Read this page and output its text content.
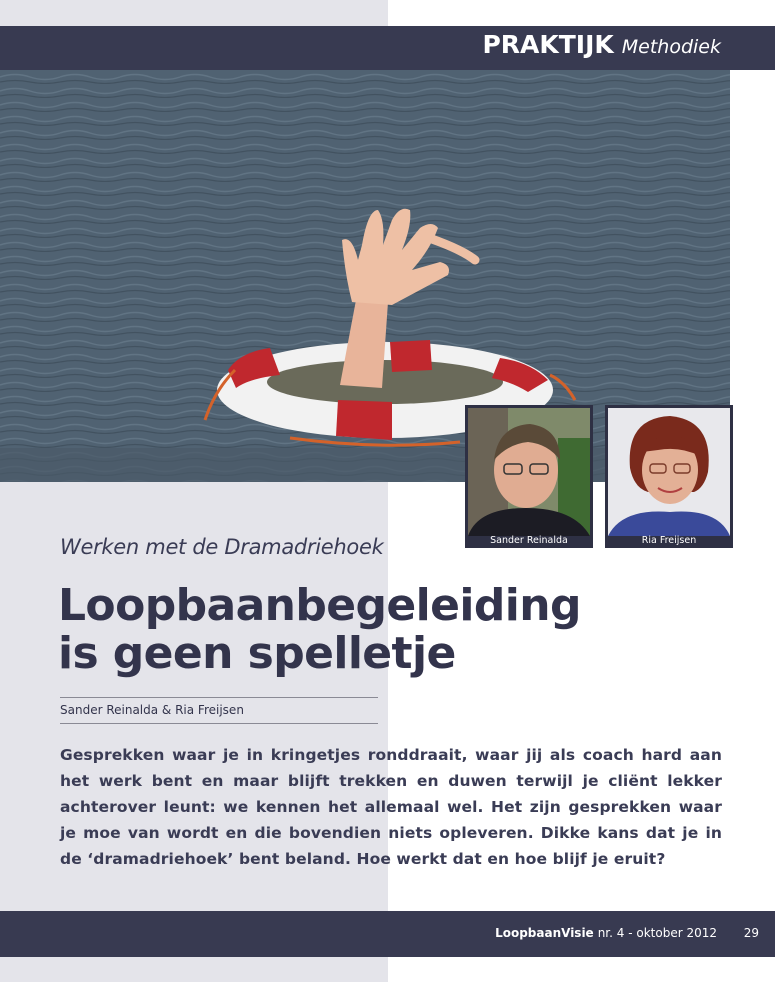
PRAKTIJK Methodiek
Sander Reinalda	Ria Freijsen
Werken met de Dramadriehoek
Loopbaanbegeleiding
is geen spelletje
Sander Reinalda & Ria Freijsen
Gesprekken waar je in kringetjes ronddraait, waar jij als coach hard aan het werk bent en maar blijft trekken en duwen terwijl je cliënt lekker achterover leunt: we kennen het allemaal wel. Het zijn gesprekken waar je moe van wordt en die bovendien niets opleveren. Dikke kans dat je in de ‘dramadriehoek’ bent beland. Hoe werkt dat en hoe blijf je eruit?
LoopbaanVisie nr. 4 - oktober 2012 29
